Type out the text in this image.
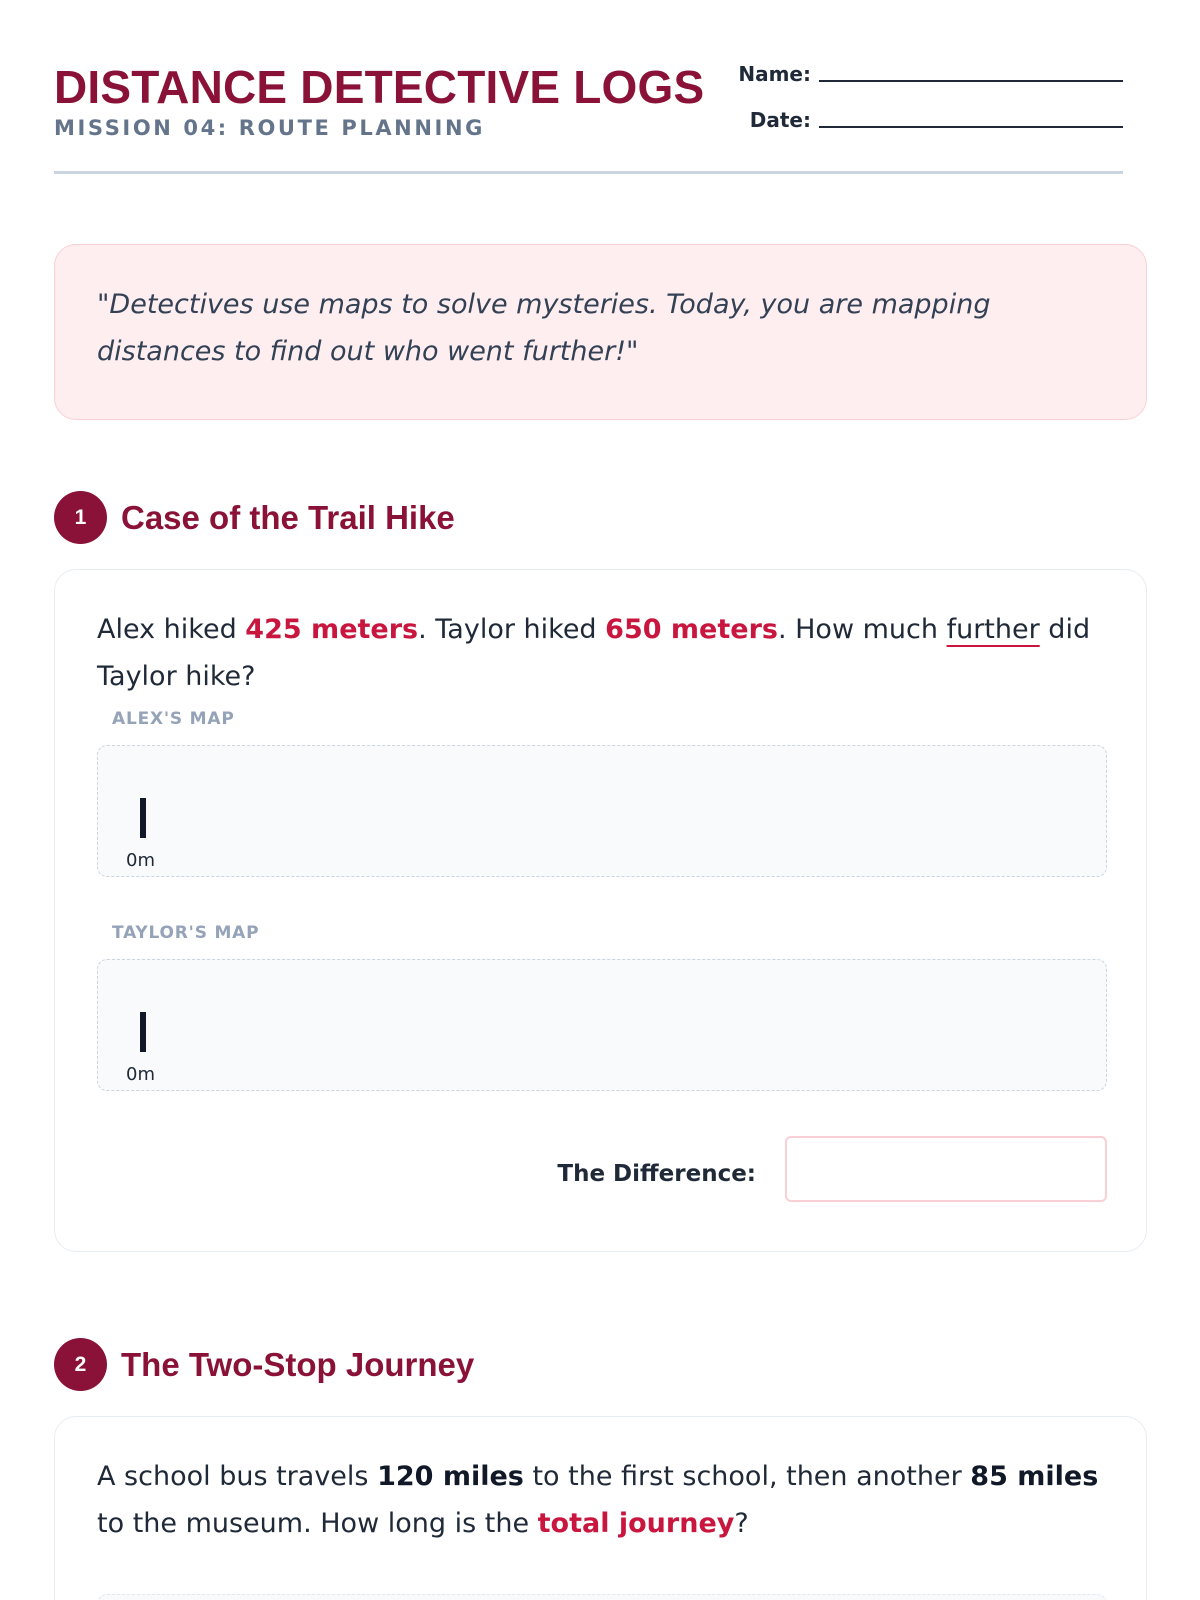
DISTANCE DETECTIVE LOGS
MISSION 04: ROUTE PLANNING
Name:
Date:

"Detectives use maps to solve mysteries. Today, you are mapping distances to find out who went further!"

1	Case of the Trail Hike

Alex hiked 425 meters. Taylor hiked 650 meters. How much further did Taylor hike?

ALEX'S MAP
0m
TAYLOR'S MAP
0m
The Difference:
2	The Two-Stop Journey

A school bus travels 120 miles to the first school, then another 85 miles to the museum. How long is the total journey?
